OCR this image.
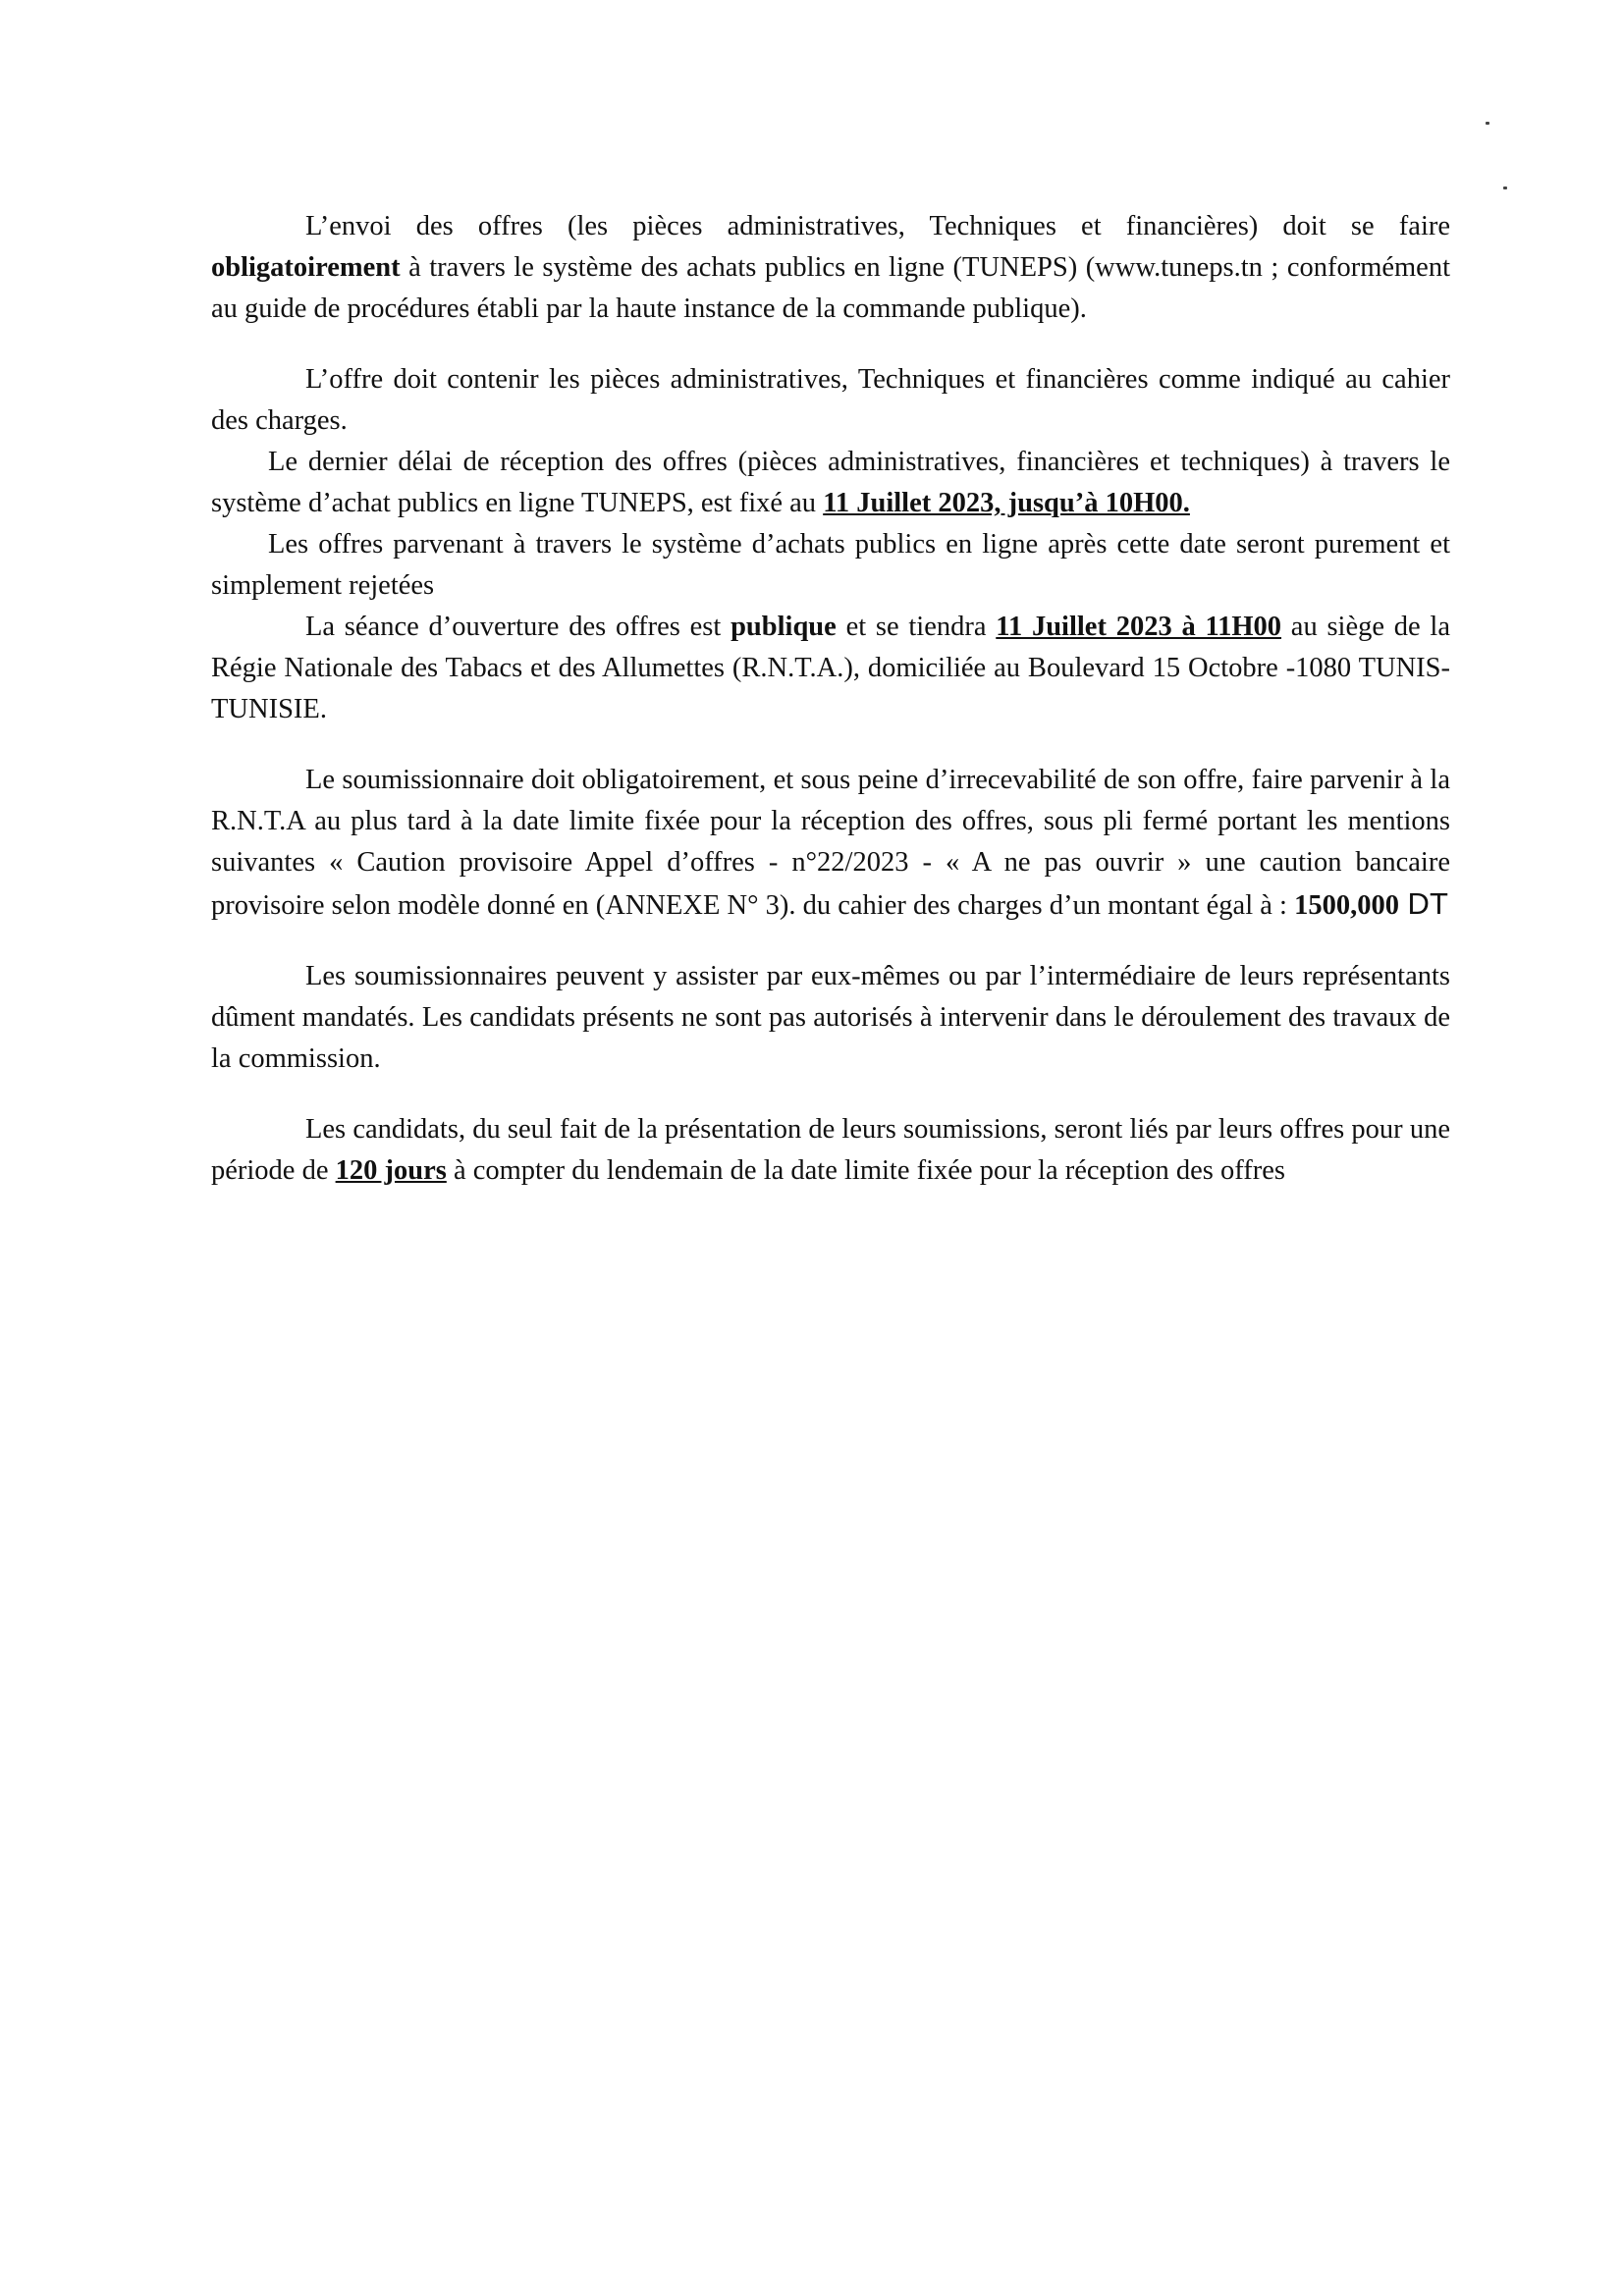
L’envoi des offres (les pièces administratives, Techniques et financières) doit se faire obligatoirement à travers le système des achats publics en ligne (TUNEPS) (www.tuneps.tn ; conformément au guide de procédures établi par la haute instance de la commande publique).

L’offre doit contenir les pièces administratives, Techniques et financières comme indiqué au cahier des charges.

Le dernier délai de réception des offres (pièces administratives, financières et techniques) à travers le système d’achat publics en ligne TUNEPS, est fixé au 11 Juillet 2023, jusqu’à 10H00.

Les offres parvenant à travers le système d’achats publics en ligne après cette date seront purement et simplement rejetées

La séance d’ouverture des offres est publique et se tiendra 11 Juillet 2023 à 11H00 au siège de la Régie Nationale des Tabacs et des Allumettes (R.N.T.A.), domiciliée au Boulevard 15 Octobre -1080 TUNIS-TUNISIE.

Le soumissionnaire doit obligatoirement, et sous peine d’irrecevabilité de son offre, faire parvenir à la R.N.T.A au plus tard à la date limite fixée pour la réception des offres, sous pli fermé portant les mentions suivantes « Caution provisoire Appel d’offres - n°22/2023 - « A ne pas ouvrir » une caution bancaire provisoire selon modèle donné en (ANNEXE N° 3). du cahier des charges d’un montant égal à : 1500,000 DT

Les soumissionnaires peuvent y assister par eux-mêmes ou par l’intermédiaire de leurs représentants dûment mandatés. Les candidats présents ne sont pas autorisés à intervenir dans le déroulement des travaux de la commission.

Les candidats, du seul fait de la présentation de leurs soumissions, seront liés par leurs offres pour une période de 120 jours à compter du lendemain de la date limite fixée pour la réception des offres
